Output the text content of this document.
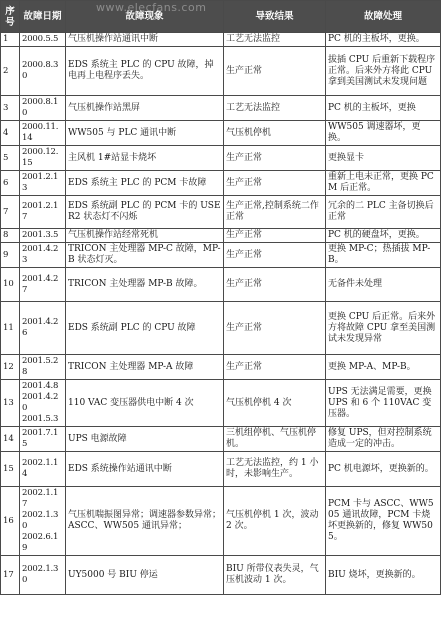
www.elecfans.com
序号	故障日期	故障现象	导致结果	故障处理
1	2000.5.5	气压机操作站通讯中断	工艺无法监控	PC 机的主板坏，更换。
2	2000.8.30	EDS 系统主 PLC 的 CPU 故障，掉电再上电程序丢失。	生产正常	拔插 CPU 后重新下载程序正常。后来外方将此 CPU 拿到美国测试未发现问题
3	2000.8.10	气压机操作站黑屏	工艺无法监控	PC 机的主板坏，更换
4	2000.11.14	WW505 与 PLC 通讯中断	气压机停机	WW505 调速器坏，更换。
5	2000.12.15	主风机 1#站显卡烧坏	生产正常	更换显卡
6	2001.2.13	EDS 系统主 PLC 的 PCM 卡故障	生产正常	重新上电未正常，更换 PCM 后正常。
7	2001.2.17	EDS 系统副 PLC 的 PCM 卡的 USER2 状态灯不闪烁	生产正常,控制系统二作正常	冗余的二 PLC 主备切换后正常
8	2001.3.5	气压机操作站经常死机	生产正常	PC 机的硬盘坏，更换。
9	2001.4.23	TRICON 主处理器 MP-C 故障，MP-B 状态灯灭。	生产正常	更换 MP-C；热插拔 MP-B。
10	2001.4.27	TRICON 主处理器 MP-B 故障。	生产正常	无备件未处理
11	2001.4.26	EDS 系统副 PLC 的 CPU 故障	生产正常	更换 CPU 后正常。后来外方将故障 CPU 拿至美国测试未发现异常
12	2001.5.28	TRICON 主处理器 MP-A 故障	生产正常	更换 MP-A、MP-B。
13	2001.4.8
2001.4.20
2001.5.3	110 VAC 变压器供电中断 4 次	气压机停机 4 次	UPS 无法满足需要，更换 UPS 和 6 个 110VAC 变压器。
14	2001.7.15	UPS 电源故障	三机组停机、气压机停机。	修复 UPS，但对控制系统造成一定的冲击。
15	2002.1.14	EDS 系统操作站通讯中断	工艺无法监控，约 1 小时，未影响生产。	PC 机电源坏，更换新的。
16	2002.1.17
2002.1.30
2002.6.19	气压机喘振图异常；调速器参数异常；ASCC、WW505 通讯异常；	气压机停机 1 次，波动 2 次。	PCM 卡与 ASCC、WW505 通讯故障，PCM 卡烧坏更换新的，修复 WW505。
17	2002.1.30	UY5000 号 BIU 停运	BIU 所带仪表失灵，气压机波动 1 次。	BIU 烧坏，更换新的。
